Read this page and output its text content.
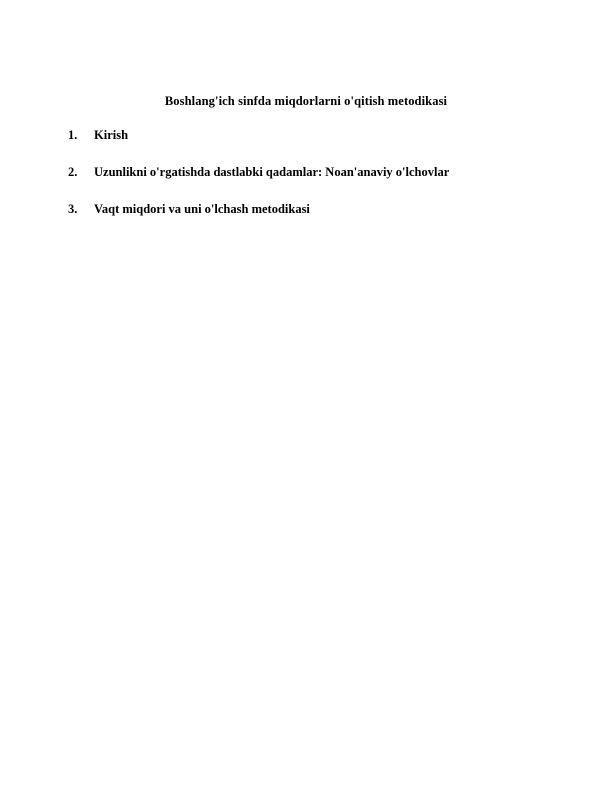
Boshlang'ich sinfda miqdorlarni o'qitish metodikasi
1.	Kirish
2.	Uzunlikni o'rgatishda dastlabki qadamlar: Noan'anaviy o'lchovlar
3.	Vaqt miqdori va uni o'lchash metodikasi
